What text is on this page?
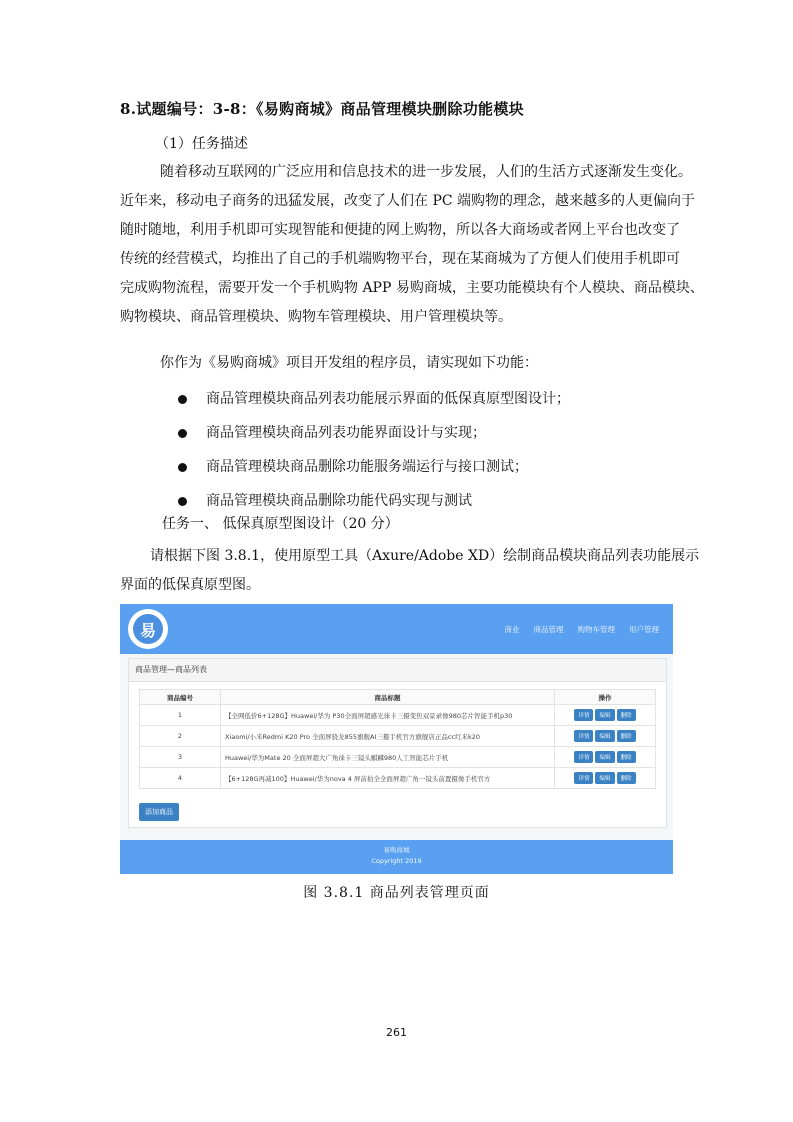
8.试题编号：3-8：《易购商城》商品管理模块删除功能模块
（1）任务描述
随着移动互联网的广泛应用和信息技术的进一步发展，人们的生活方式逐渐发生变化。
近年来，移动电子商务的迅猛发展，改变了人们在 PC 端购物的理念，越来越多的人更偏向于
随时随地，利用手机即可实现智能和便捷的网上购物，所以各大商场或者网上平台也改变了
传统的经营模式，均推出了自己的手机端购物平台，现在某商城为了方便人们使用手机即可
完成购物流程，需要开发一个手机购物 APP 易购商城，主要功能模块有个人模块、商品模块、
购物模块、商品管理模块、购物车管理模块、用户管理模块等。
你作为《易购商城》项目开发组的程序员，请实现如下功能：
商品管理模块商品列表功能展示界面的低保真原型图设计；
商品管理模块商品列表功能界面设计与实现；
商品管理模块商品删除功能服务端运行与接口测试；
商品管理模块商品删除功能代码实现与测试
任务一、 低保真原型图设计（20 分）
请根据下图 3.8.1，使用原型工具（Axure/Adobe XD）绘制商品模块商品列表功能展示
界面的低保真原型图。
易	商业 商品管理 购物车管理 用户管理
商品管理—商品列表
商品编号	商品标题	操作
1	【全网低价6+128G】Huawei/华为 P30全面屏超感光徕卡三摄变焦双景录像980芯片智能手机p30	详情 编辑 删除
2	Xiaomi/小米Redmi K20 Pro 全面屏骁龙855旗舰AI三摄手机官方旗舰店正品cc红米k20	详情 编辑 删除
3	Huawei/华为Mate 20 全面屏超大广角徕卡三镜头麒麟980人工智能芯片手机	详情 编辑 删除
4	【6+128G再减100】Huawei/华为nova 4 屏前拍全全面屏超广角一镜头前置摄像手机官方	详情 编辑 删除
添加商品
易购商城
Copyright 2019
图 3.8.1 商品列表管理页面
261
